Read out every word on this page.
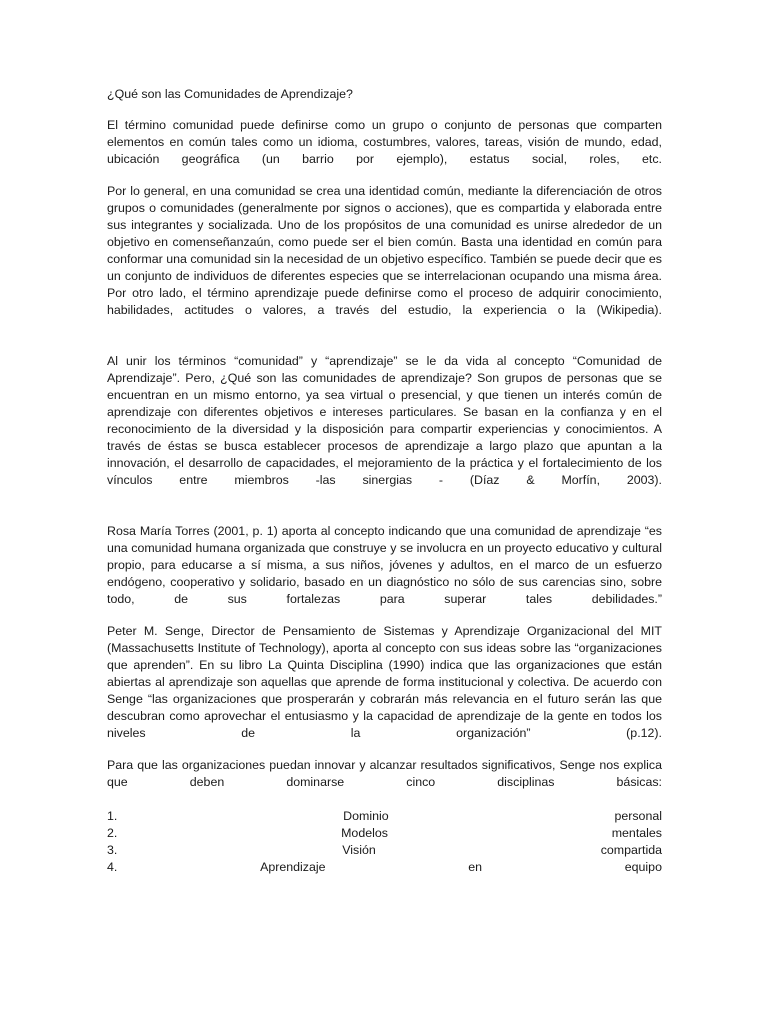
¿Qué son las Comunidades de Aprendizaje?

El término comunidad puede definirse como un grupo o conjunto de personas que comparten elementos en común tales como un idioma, costumbres, valores, tareas, visión de mundo, edad, ubicación geográfica (un barrio por ejemplo), estatus social, roles, etc.

Por lo general, en una comunidad se crea una identidad común, mediante la diferenciación de otros grupos o comunidades (generalmente por signos o acciones), que es compartida y elaborada entre sus integrantes y socializada. Uno de los propósitos de una comunidad es unirse alrededor de un objetivo en comenseñanzaún, como puede ser el bien común. Basta una identidad en común para conformar una comunidad sin la necesidad de un objetivo específico. También se puede decir que es un conjunto de individuos de diferentes especies que se interrelacionan ocupando una misma área. Por otro lado, el término aprendizaje puede definirse como el proceso de adquirir conocimiento, habilidades, actitudes o valores, a través del estudio, la experiencia o la (Wikipedia).

Al unir los términos “comunidad” y “aprendizaje” se le da vida al concepto “Comunidad de Aprendizaje”. Pero, ¿Qué son las comunidades de aprendizaje? Son grupos de personas que se encuentran en un mismo entorno, ya sea virtual o presencial, y que tienen un interés común de aprendizaje con diferentes objetivos e intereses particulares. Se basan en la confianza y en el reconocimiento de la diversidad y la disposición para compartir experiencias y conocimientos. A través de éstas se busca establecer procesos de aprendizaje a largo plazo que apuntan a la innovación, el desarrollo de capacidades, el mejoramiento de la práctica y el fortalecimiento de los vínculos entre miembros -las sinergias - (Díaz & Morfín, 2003).

Rosa María Torres (2001, p. 1) aporta al concepto indicando que una comunidad de aprendizaje “es una comunidad humana organizada que construye y se involucra en un proyecto educativo y cultural propio, para educarse a sí misma, a sus niños, jóvenes y adultos, en el marco de un esfuerzo endógeno, cooperativo y solidario, basado en un diagnóstico no sólo de sus carencias sino, sobre todo, de sus fortalezas para superar tales debilidades.”

Peter M. Senge, Director de Pensamiento de Sistemas y Aprendizaje Organizacional del MIT (Massachusetts Institute of Technology), aporta al concepto con sus ideas sobre las “organizaciones que aprenden”. En su libro La Quinta Disciplina (1990) indica que las organizaciones que están abiertas al aprendizaje son aquellas que aprende de forma institucional y colectiva. De acuerdo con Senge “las organizaciones que prosperarán y cobrarán más relevancia en el futuro serán las que descubran como aprovechar el entusiasmo y la capacidad de aprendizaje de la gente en todos los niveles de la organización” (p.12).

Para que las organizaciones puedan innovar y alcanzar resultados significativos, Senge nos explica que deben dominarse cinco disciplinas básicas:

1.	Dominio	personal
2.	Modelos	mentales
3.	Visión	compartida
4.	Aprendizaje	en	equipo
